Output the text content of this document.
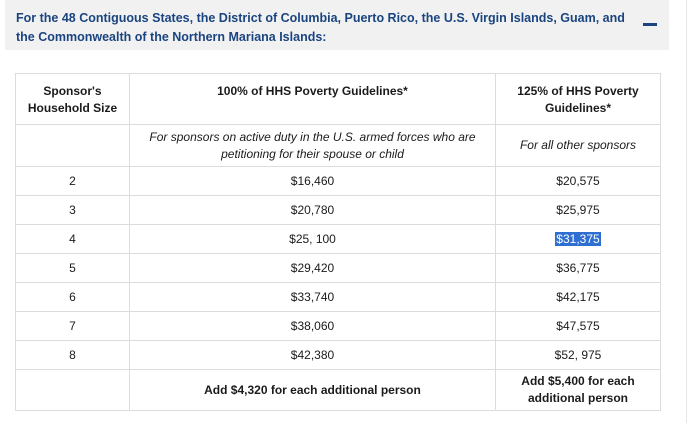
For the 48 Contiguous States, the District of Columbia, Puerto Rico, the U.S. Virgin Islands, Guam, and the Commonwealth of the Northern Mariana Islands:
Sponsor's Household Size	100% of HHS Poverty Guidelines*	125% of HHS Poverty Guidelines*
	For sponsors on active duty in the U.S. armed forces who are petitioning for their spouse or child	For all other sponsors
2	$16,460	$20,575
3	$20,780	$25,975
4	$25, 100	$31,375
5	$29,420	$36,775
6	$33,740	$42,175
7	$38,060	$47,575
8	$42,380	$52, 975
	Add $4,320 for each additional person	Add $5,400 for each additional person
